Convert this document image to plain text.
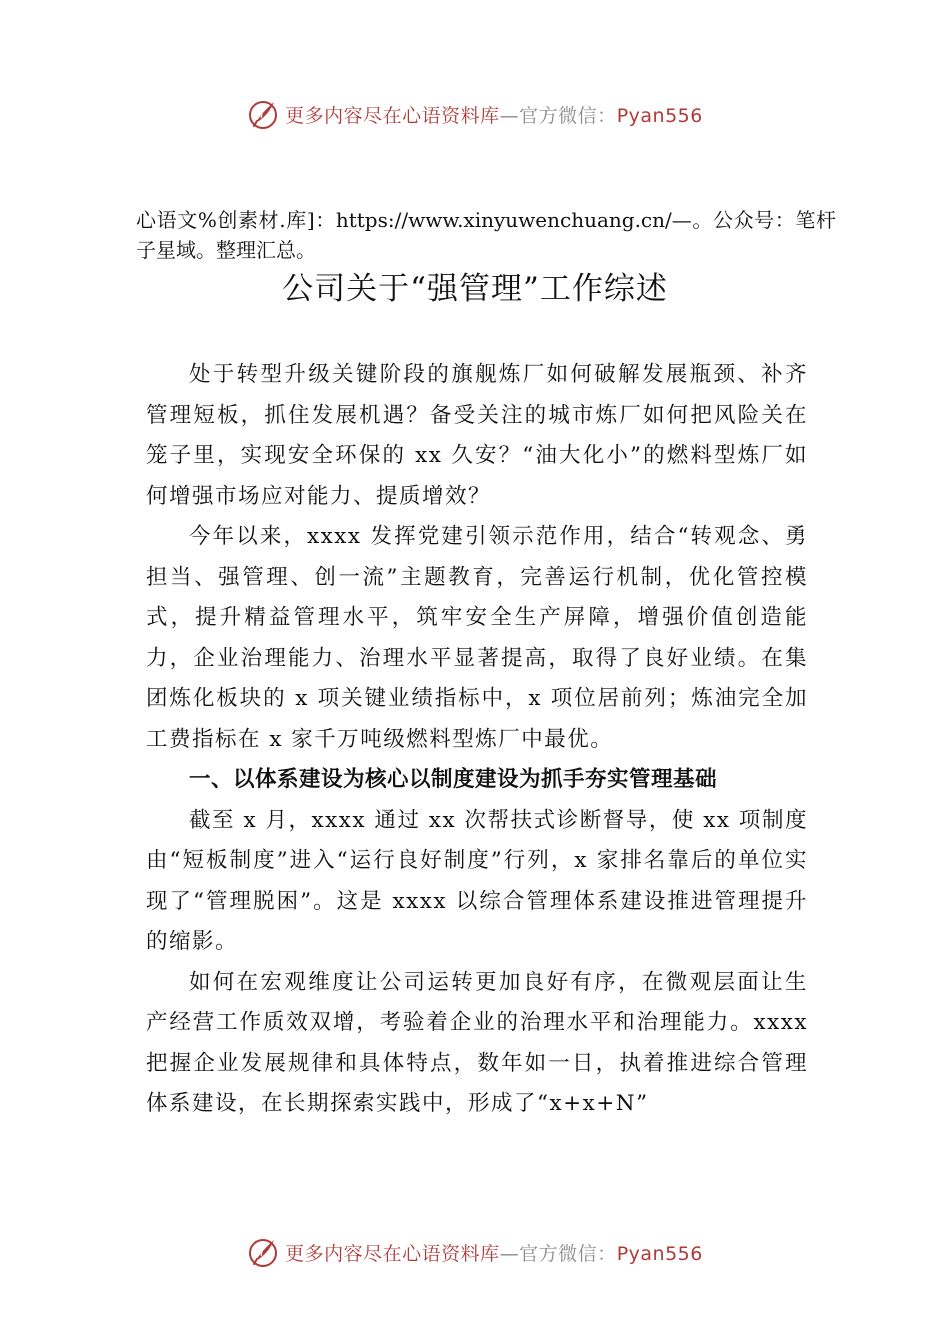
更多内容尽在心语资料库—官方微信：Pyan556
心语文%创素材.库]：https://www.xinyuwenchuang.cn/—。公众号：笔杆子星域。整理汇总。
公司关于“强管理”工作综述

处于转型升级关键阶段的旗舰炼厂如何破解发展瓶颈、补齐管理短板，抓住发展机遇？备受关注的城市炼厂如何把风险关在笼子里，实现安全环保的 xx 久安？“油大化小”的燃料型炼厂如何增强市场应对能力、提质增效？

今年以来，xxxx 发挥党建引领示范作用，结合“转观念、勇担当、强管理、创一流”主题教育，完善运行机制，优化管控模式，提升精益管理水平，筑牢安全生产屏障，增强价值创造能力，企业治理能力、治理水平显著提高，取得了良好业绩。在集团炼化板块的 x 项关键业绩指标中，x 项位居前列；炼油完全加工费指标在 x 家千万吨级燃料型炼厂中最优。

一、以体系建设为核心以制度建设为抓手夯实管理基础

截至 x 月，xxxx 通过 xx 次帮扶式诊断督导，使 xx 项制度由“短板制度”进入“运行良好制度”行列，x 家排名靠后的单位实现了“管理脱困”。这是 xxxx 以综合管理体系建设推进管理提升的缩影。

如何在宏观维度让公司运转更加良好有序，在微观层面让生产经营工作质效双增，考验着企业的治理水平和治理能力。xxxx 把握企业发展规律和具体特点，数年如一日，执着推进综合管理体系建设，在长期探索实践中，形成了“x+x+N”

更多内容尽在心语资料库—官方微信：Pyan556
